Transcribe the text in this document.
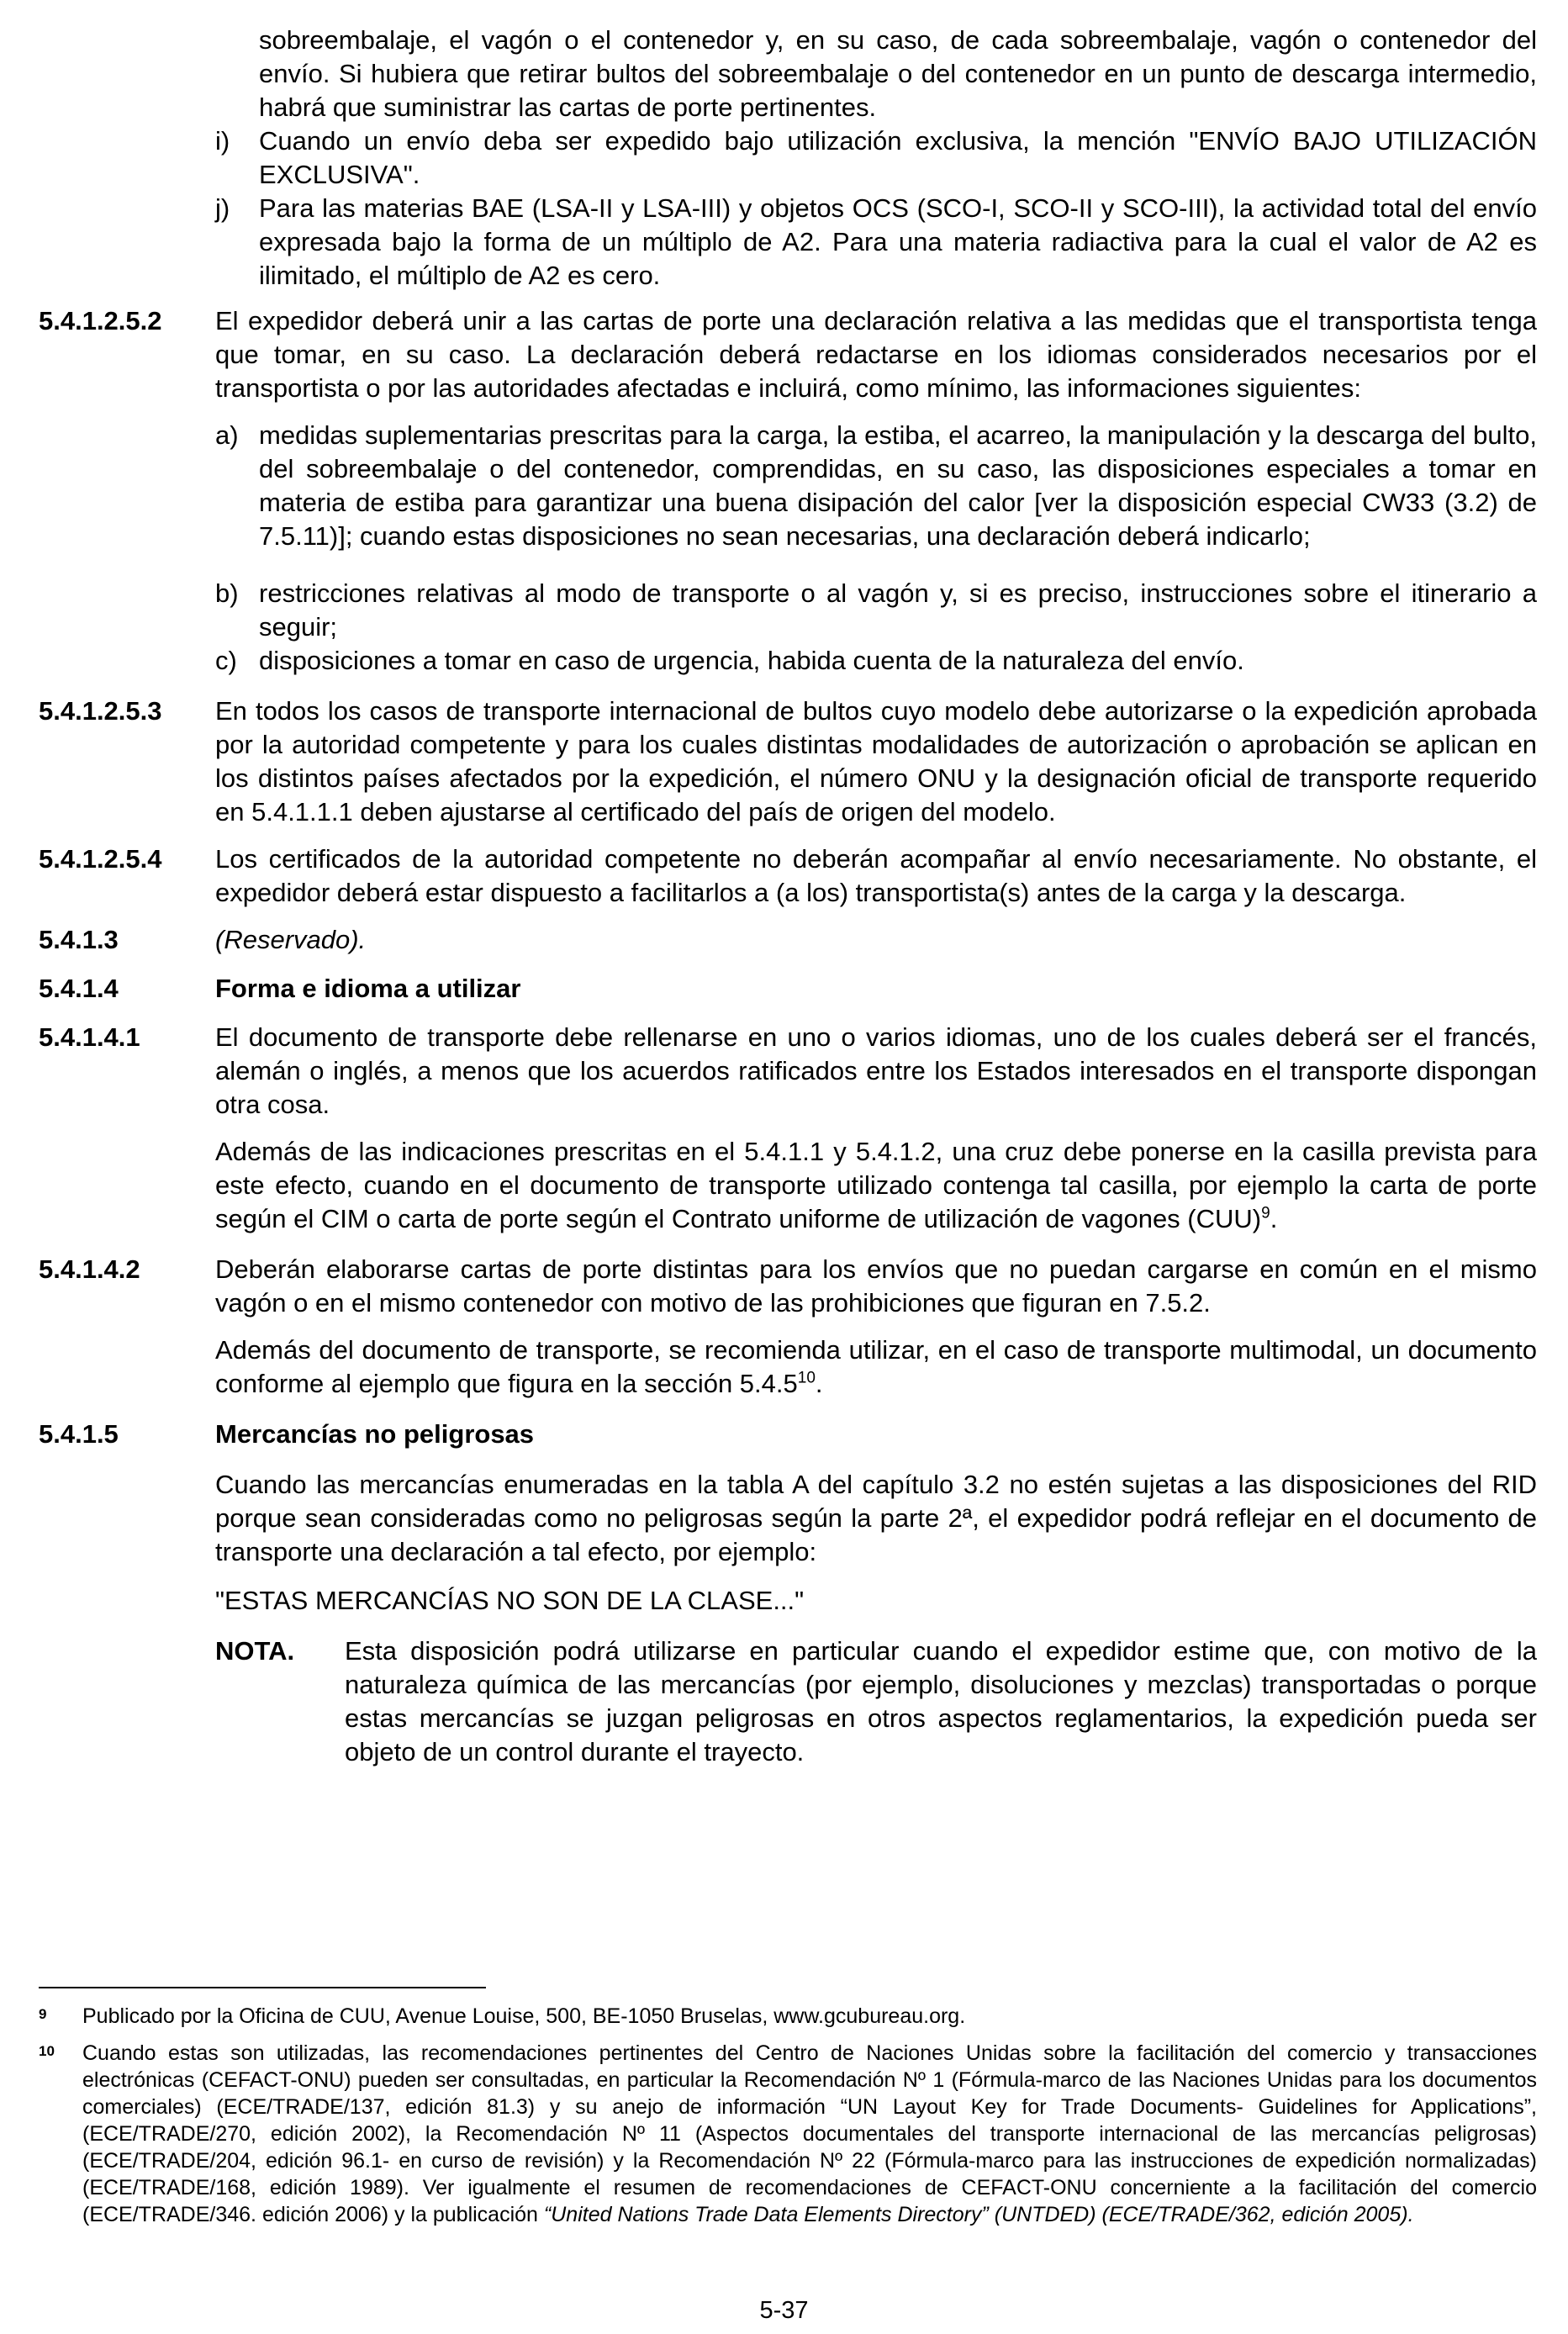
sobreembalaje, el vagón o el contenedor y, en su caso, de cada sobreembalaje, vagón o contenedor del envío. Si hubiera que retirar bultos del sobreembalaje o del contenedor en un punto de descarga intermedio, habrá que suministrar las cartas de porte pertinentes.

i) Cuando un envío deba ser expedido bajo utilización exclusiva, la mención "ENVÍO BAJO UTILIZACIÓN EXCLUSIVA".
j) Para las materias BAE (LSA-II y LSA-III) y objetos OCS (SCO-I, SCO-II y SCO-III), la actividad total del envío expresada bajo la forma de un múltiplo de A2. Para una materia radiactiva para la cual el valor de A2 es ilimitado, el múltiplo de A2 es cero.
5.4.1.2.5.2 El expedidor deberá unir a las cartas de porte una declaración relativa a las medidas que el transportista tenga que tomar, en su caso. La declaración deberá redactarse en los idiomas considerados necesarios por el transportista o por las autoridades afectadas e incluirá, como mínimo, las informaciones siguientes:

a) medidas suplementarias prescritas para la carga, la estiba, el acarreo, la manipulación y la descarga del bulto, del sobreembalaje o del contenedor, comprendidas, en su caso, las disposiciones especiales a tomar en materia de estiba para garantizar una buena disipación del calor [ver la disposición especial CW33 (3.2) de 7.5.11)]; cuando estas disposiciones no sean necesarias, una declaración deberá indicarlo;
b) restricciones relativas al modo de transporte o al vagón y, si es preciso, instrucciones sobre el itinerario a seguir;
c) disposiciones a tomar en caso de urgencia, habida cuenta de la naturaleza del envío.
5.4.1.2.5.3 En todos los casos de transporte internacional de bultos cuyo modelo debe autorizarse o la expedición aprobada por la autoridad competente y para los cuales distintas modalidades de autorización o aprobación se aplican en los distintos países afectados por la expedición, el número ONU y la designación oficial de transporte requerido en 5.4.1.1.1 deben ajustarse al certificado del país de origen del modelo.

5.4.1.2.5.4 Los certificados de la autoridad competente no deberán acompañar al envío necesariamente. No obstante, el expedidor deberá estar dispuesto a facilitarlos a (a los) transportista(s) antes de la carga y la descarga.

5.4.1.3	(Reservado).

5.4.1.4	Forma e idioma a utilizar

5.4.1.4.1	El documento de transporte debe rellenarse en uno o varios idiomas, uno de los cuales deberá ser el francés, alemán o inglés, a menos que los acuerdos ratificados entre los Estados interesados en el transporte dispongan otra cosa.

Además de las indicaciones prescritas en el 5.4.1.1 y 5.4.1.2, una cruz debe ponerse en la casilla prevista para este efecto, cuando en el documento de transporte utilizado contenga tal casilla, por ejemplo la carta de porte según el CIM o carta de porte según el Contrato uniforme de utilización de vagones (CUU)$^9$.

5.4.1.4.2	Deberán elaborarse cartas de porte distintas para los envíos que no puedan cargarse en común en el mismo vagón o en el mismo contenedor con motivo de las prohibiciones que figuran en 7.5.2.

Además del documento de transporte, se recomienda utilizar, en el caso de transporte multimodal, un documento conforme al ejemplo que figura en la sección 5.4.5$^{10}$.

5.4.1.5	Mercancías no peligrosas

Cuando las mercancías enumeradas en la tabla A del capítulo 3.2 no estén sujetas a las disposiciones del RID porque sean consideradas como no peligrosas según la parte 2ª, el expedidor podrá reflejar en el documento de transporte una declaración a tal efecto, por ejemplo:

"ESTAS MERCANCÍAS NO SON DE LA CLASE..."

NOTA. Esta disposición podrá utilizarse en particular cuando el expedidor estime que, con motivo de la naturaleza química de las mercancías (por ejemplo, disoluciones y mezclas) transportadas o porque estas mercancías se juzgan peligrosas en otros aspectos reglamentarios, la expedición pueda ser objeto de un control durante el trayecto.

9 Publicado por la Oficina de CUU, Avenue Louise, 500, BE-1050 Bruselas, www.gcubureau.org.

10 Cuando estas son utilizadas, las recomendaciones pertinentes del Centro de Naciones Unidas sobre la facilitación del comercio y transacciones electrónicas (CEFACT-ONU) pueden ser consultadas, en particular la Recomendación Nº 1 (Fórmula-marco de las Naciones Unidas para los documentos comerciales) (ECE/TRADE/137, edición 81.3) y su anejo de información “UN Layout Key for Trade Documents- Guidelines for Applications”, (ECE/TRADE/270, edición 2002), la Recomendación Nº 11 (Aspectos documentales del transporte internacional de las mercancías peligrosas) (ECE/TRADE/204, edición 96.1- en curso de revisión) y la Recomendación Nº 22 (Fórmula-marco para las instrucciones de expedición normalizadas) (ECE/TRADE/168, edición 1989). Ver igualmente el resumen de recomendaciones de CEFACT-ONU concerniente a la facilitación del comercio (ECE/TRADE/346. edición 2006) y la publicación “United Nations Trade Data Elements Directory” (UNTDED) (ECE/TRADE/362, edición 2005).

5-37
